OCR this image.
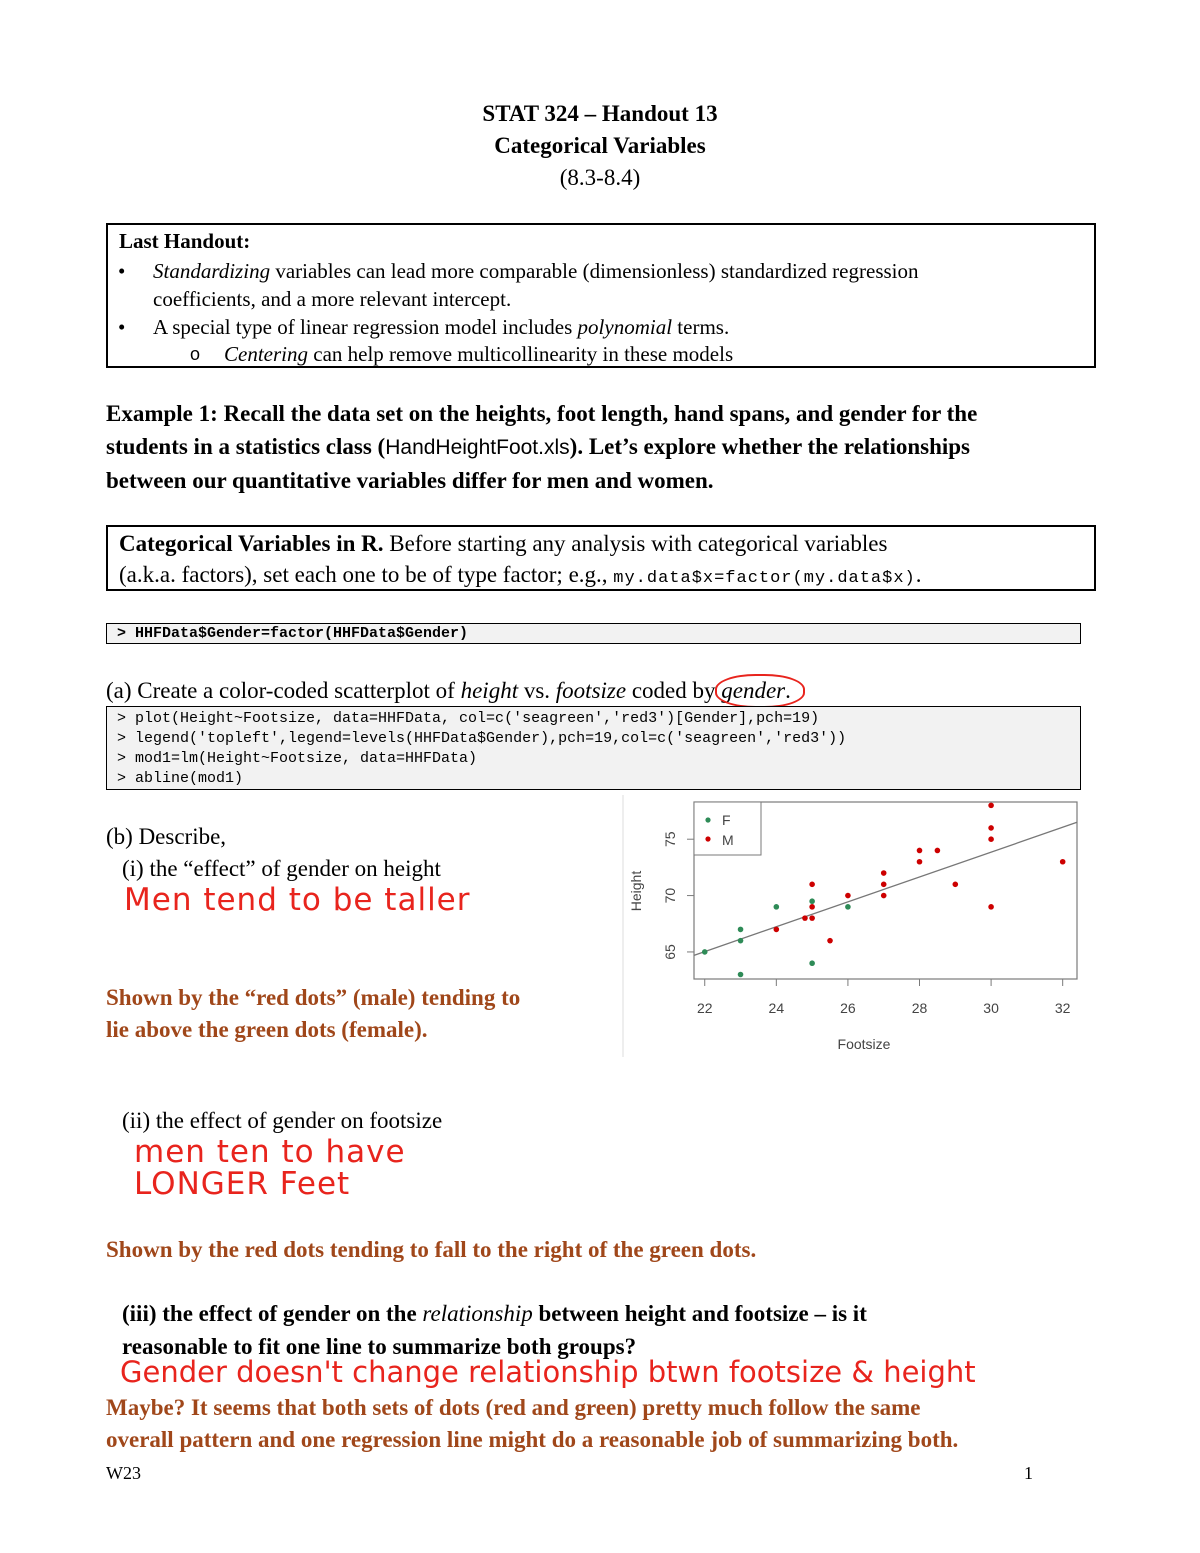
STAT 324 – Handout 13
Categorical Variables
(8.3-8.4)
Last Handout:
• Standardizing variables can lead more comparable (dimensionless) standardized regression
coefficients, and a more relevant intercept.
• A special type of linear regression model includes polynomial terms.
o Centering can help remove multicollinearity in these models
Example 1: Recall the data set on the heights, foot length, hand spans, and gender for the
students in a statistics class (HandHeightFoot.xls). Let’s explore whether the relationships
between our quantitative variables differ for men and women.
Categorical Variables in R. Before starting any analysis with categorical variables
(a.k.a. factors), set each one to be of type factor; e.g., my.data$x=factor(my.data$x).
> HHFData$Gender=factor(HHFData$Gender)
(a) Create a color-coded scatterplot of height vs. footsize coded by gender
.
> plot(Height~Footsize, data=HHFData, col=c('seagreen','red3')[Gender],pch=19)
> legend('topleft',legend=levels(HHFData$Gender),pch=19,col=c('seagreen','red3'))
> mod1=lm(Height~Footsize, data=HHFData)
> abline(mod1)
(b) Describe,
(i) the “effect” of gender on height
Men tend to be taller
Shown by the “red dots” (male) tending to
lie above the green dots (female).
22	24	26	28	30	32
65
70
75
Footsize
Height
F
M
(ii) the effect of gender on footsize
men ten to have
LONGER Feet
Shown by the red dots tending to fall to the right of the green dots.
(iii) the effect of gender on the relationship between height and footsize – is it
reasonable to fit one line to summarize both groups?
Gender doesn't change relationship btwn footsize & height
Maybe? It seems that both sets of dots (red and green) pretty much follow the same
overall pattern and one regression line might do a reasonable job of summarizing both.
W23	1
